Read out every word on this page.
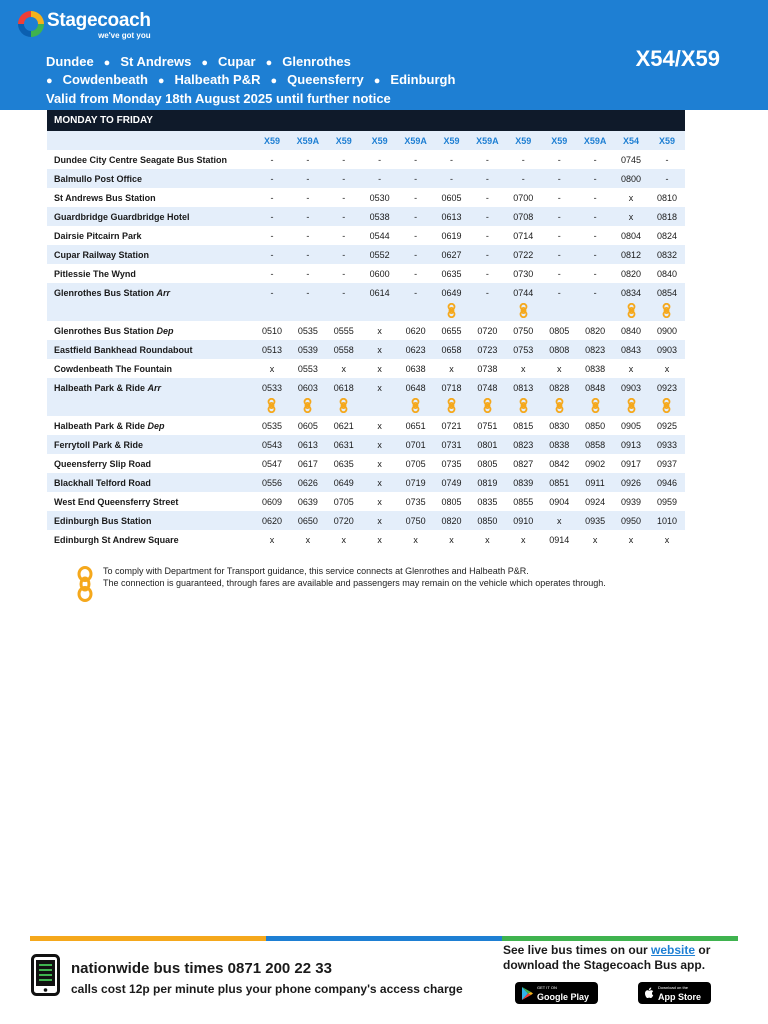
Stagecoach
we've got you
Dundee ● St Andrews ● Cupar ● Glenrothes
● Cowdenbeath ● Halbeath P&R ● Queensferry ● Edinburgh
Valid from Monday 18th August 2025 until further notice
X54/X59
MONDAY TO FRIDAY
	X59	X59A	X59	X59	X59A	X59	X59A	X59	X59	X59A	X54	X59
Dundee City Centre Seagate Bus Station	-	-	-	-	-	-	-	-	-	-	0745	-
Balmullo Post Office	-	-	-	-	-	-	-	-	-	-	0800	-
St Andrews Bus Station	-	-	-	0530	-	0605	-	0700	-	-	x	0810
Guardbridge Guardbridge Hotel	-	-	-	0538	-	0613	-	0708	-	-	x	0818
Dairsie Pitcairn Park	-	-	-	0544	-	0619	-	0714	-	-	0804	0824
Cupar Railway Station	-	-	-	0552	-	0627	-	0722	-	-	0812	0832
Pitlessie The Wynd	-	-	-	0600	-	0635	-	0730	-	-	0820	0840
Glenrothes Bus Station Arr	-	-	-	0614	-	0649	-	0744	-	-	0834	0854

Glenrothes Bus Station Dep	0510	0535	0555	x	0620	0655	0720	0750	0805	0820	0840	0900
Eastfield Bankhead Roundabout	0513	0539	0558	x	0623	0658	0723	0753	0808	0823	0843	0903
Cowdenbeath The Fountain	x	0553	x	x	0638	x	0738	x	x	0838	x	x
Halbeath Park & Ride Arr	0533	0603	0618	x	0648	0718	0748	0813	0828	0848	0903	0923

Halbeath Park & Ride Dep	0535	0605	0621	x	0651	0721	0751	0815	0830	0850	0905	0925
Ferrytoll Park & Ride	0543	0613	0631	x	0701	0731	0801	0823	0838	0858	0913	0933
Queensferry Slip Road	0547	0617	0635	x	0705	0735	0805	0827	0842	0902	0917	0937
Blackhall Telford Road	0556	0626	0649	x	0719	0749	0819	0839	0851	0911	0926	0946
West End Queensferry Street	0609	0639	0705	x	0735	0805	0835	0855	0904	0924	0939	0959
Edinburgh Bus Station	0620	0650	0720	x	0750	0820	0850	0910	x	0935	0950	1010
Edinburgh St Andrew Square	x	x	x	x	x	x	x	x	0914	x	x	x
To comply with Department for Transport guidance, this service connects at Glenrothes and Halbeath P&R.
The connection is guaranteed, through fares are available and passengers may remain on the vehicle which operates through.
nationwide bus times 0871 200 22 33
calls cost 12p per minute plus your phone company's access charge
See live bus times on our website or
download the Stagecoach Bus app.
GET IT ON
Google Play
Download on the
App Store
